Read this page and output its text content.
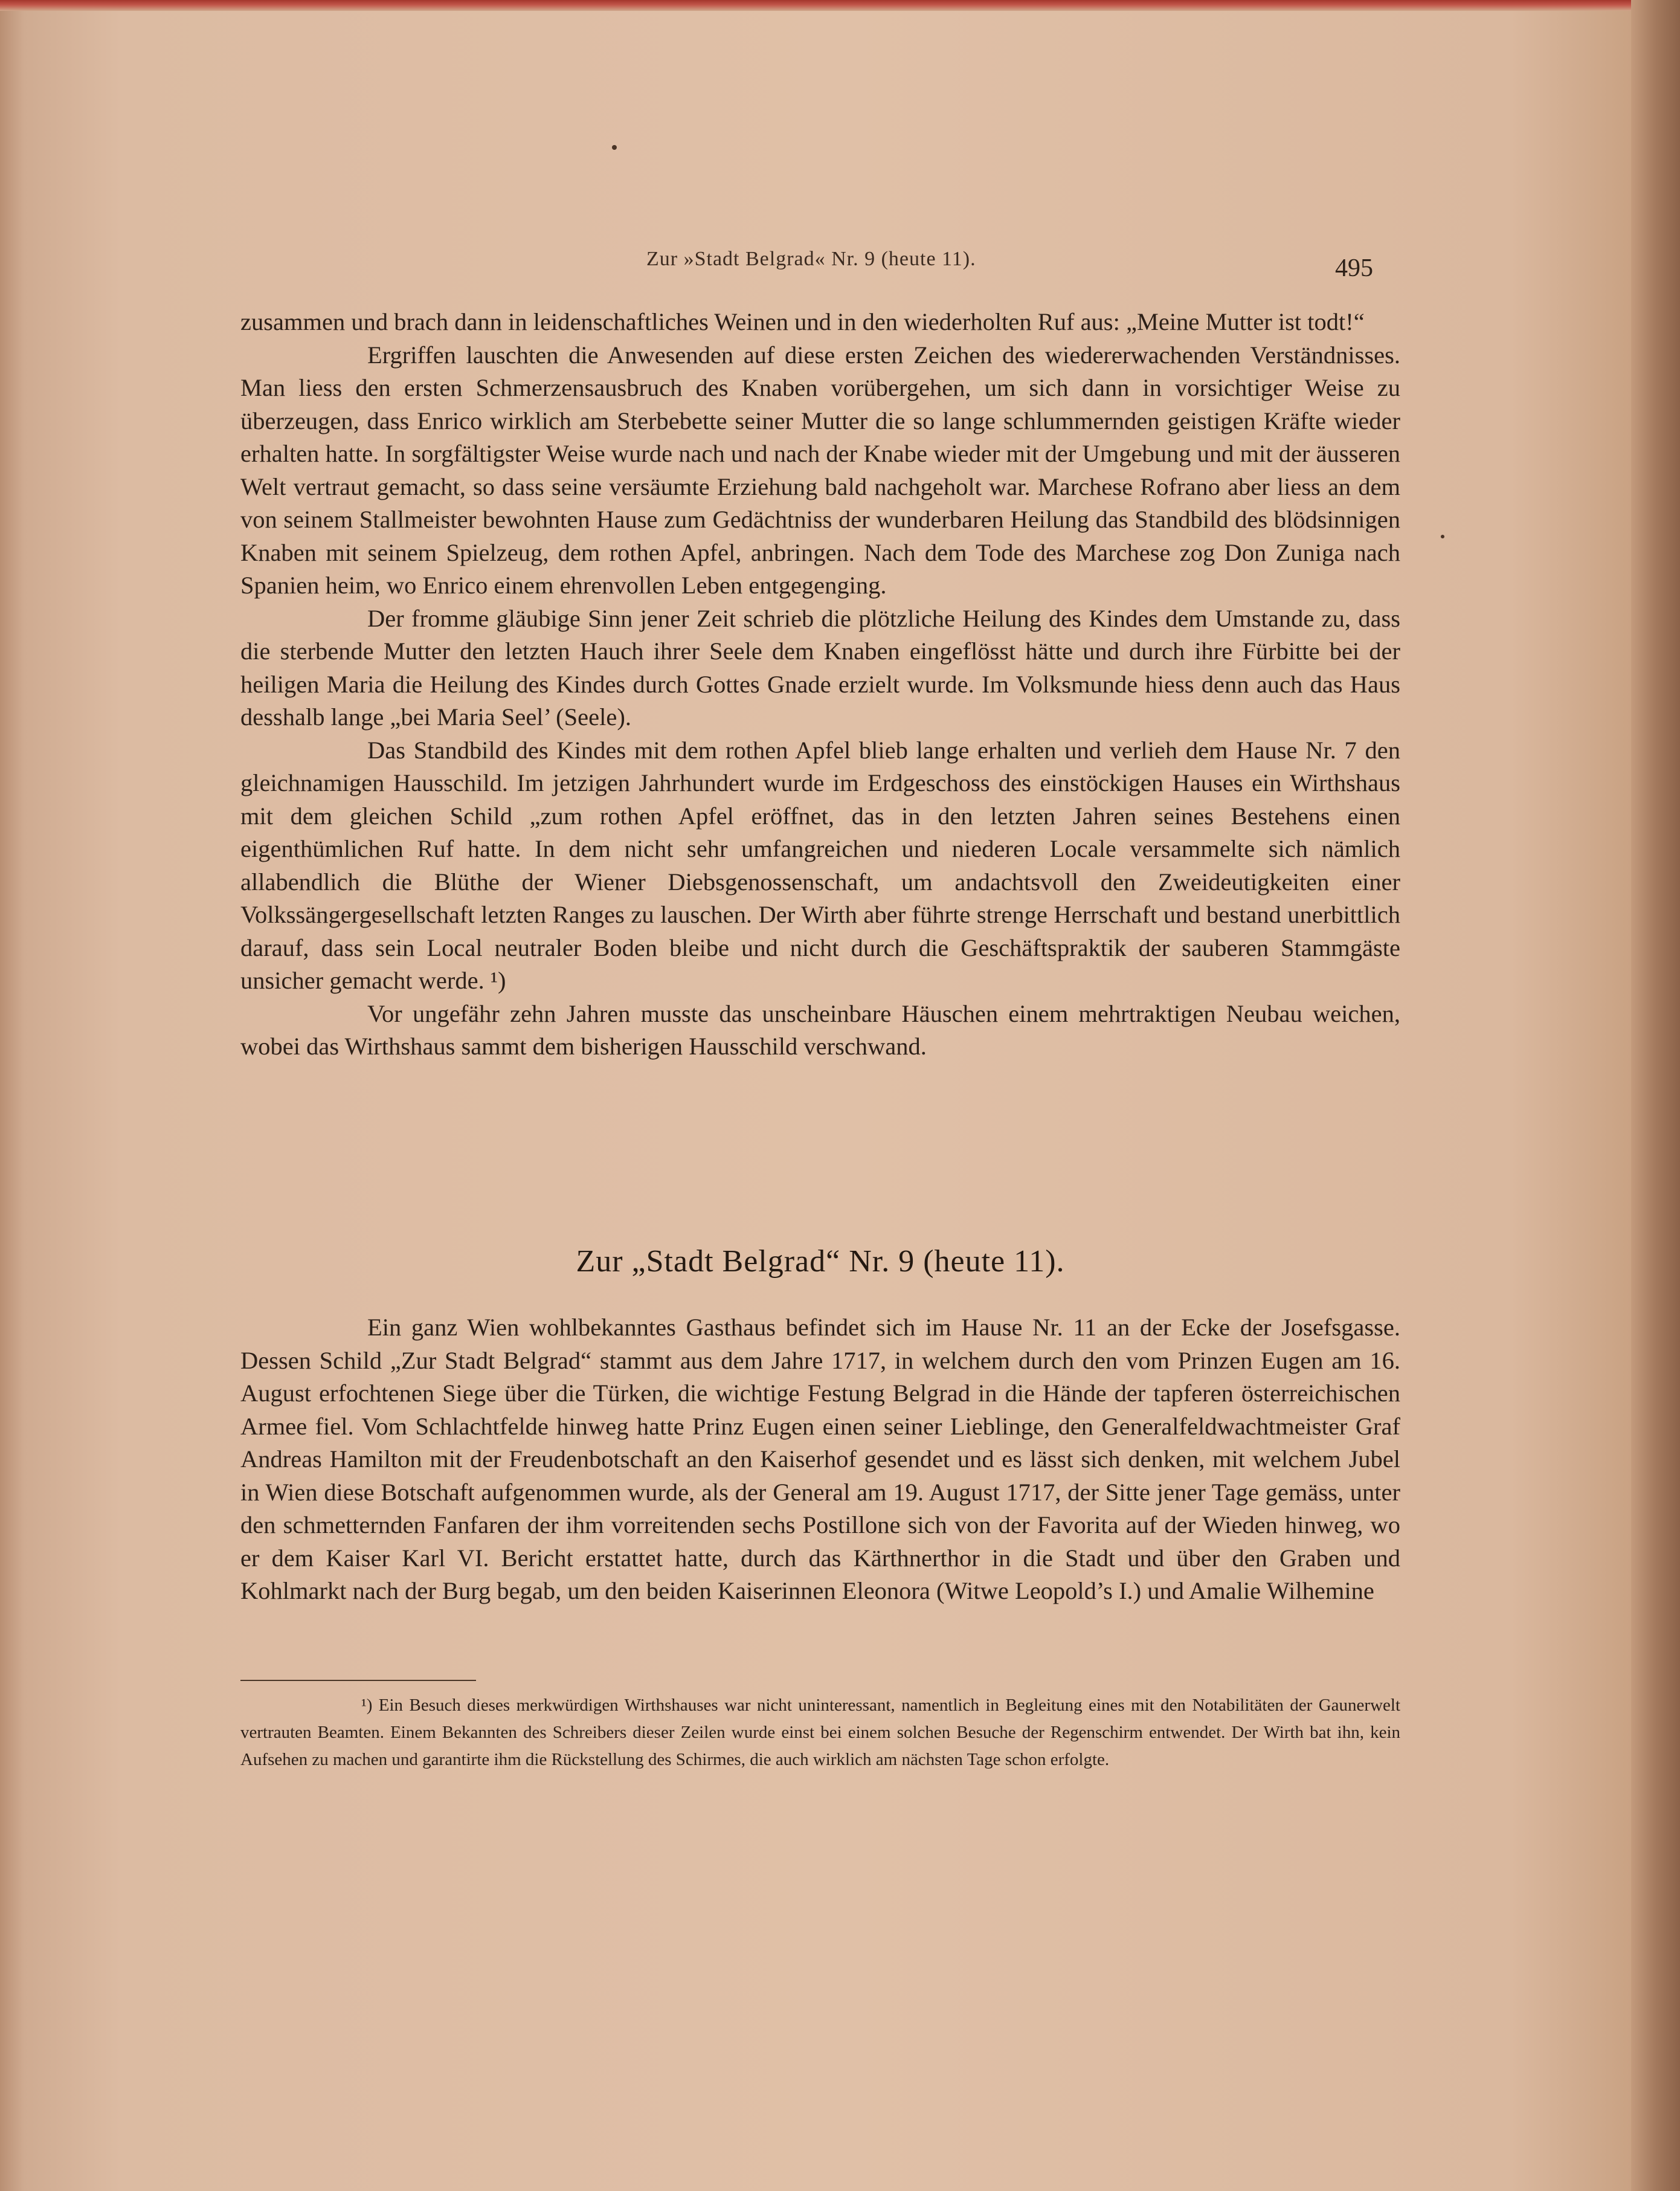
Zur »Stadt Belgrad« Nr. 9 (heute 11).	495

zusammen und brach dann in leidenschaftliches Weinen und in den wiederholten Ruf aus: „Meine Mutter ist todt!“

Ergriffen lauschten die Anwesenden auf diese ersten Zeichen des wiedererwachenden Verständnisses. Man liess den ersten Schmerzensausbruch des Knaben vorübergehen, um sich dann in vorsichtiger Weise zu überzeugen, dass Enrico wirklich am Sterbebette seiner Mutter die so lange schlummernden geistigen Kräfte wieder erhalten hatte. In sorgfältigster Weise wurde nach und nach der Knabe wieder mit der Umgebung und mit der äusseren Welt vertraut gemacht, so dass seine versäumte Erziehung bald nachgeholt war. Marchese Rofrano aber liess an dem von seinem Stallmeister bewohnten Hause zum Gedächtniss der wunderbaren Heilung das Standbild des blödsinnigen Knaben mit seinem Spielzeug, dem rothen Apfel, anbringen. Nach dem Tode des Marchese zog Don Zuniga nach Spanien heim, wo Enrico einem ehrenvollen Leben entgegenging.

Der fromme gläubige Sinn jener Zeit schrieb die plötzliche Heilung des Kindes dem Umstande zu, dass die sterbende Mutter den letzten Hauch ihrer Seele dem Knaben eingeflösst hätte und durch ihre Fürbitte bei der heiligen Maria die Heilung des Kindes durch Gottes Gnade erzielt wurde. Im Volksmunde hiess denn auch das Haus desshalb lange „bei Maria Seel’ (Seele).

Das Standbild des Kindes mit dem rothen Apfel blieb lange erhalten und verlieh dem Hause Nr. 7 den gleichnamigen Hausschild. Im jetzigen Jahrhundert wurde im Erdgeschoss des einstöckigen Hauses ein Wirthshaus mit dem gleichen Schild „zum rothen Apfel eröffnet, das in den letzten Jahren seines Bestehens einen eigenthümlichen Ruf hatte. In dem nicht sehr umfangreichen und niederen Locale versammelte sich nämlich allabendlich die Blüthe der Wiener Diebsgenossenschaft, um andachtsvoll den Zweideutigkeiten einer Volkssängergesellschaft letzten Ranges zu lauschen. Der Wirth aber führte strenge Herrschaft und bestand unerbittlich darauf, dass sein Local neutraler Boden bleibe und nicht durch die Geschäftspraktik der sauberen Stammgäste unsicher gemacht werde. ¹)

Vor ungefähr zehn Jahren musste das unscheinbare Häuschen einem mehrtraktigen Neubau weichen, wobei das Wirthshaus sammt dem bisherigen Hausschild verschwand.

Zur „Stadt Belgrad“ Nr. 9 (heute 11).

Ein ganz Wien wohlbekanntes Gasthaus befindet sich im Hause Nr. 11 an der Ecke der Josefsgasse. Dessen Schild „Zur Stadt Belgrad“ stammt aus dem Jahre 1717, in welchem durch den vom Prinzen Eugen am 16. August erfochtenen Siege über die Türken, die wichtige Festung Belgrad in die Hände der tapferen österreichischen Armee fiel. Vom Schlachtfelde hinweg hatte Prinz Eugen einen seiner Lieblinge, den Generalfeldwachtmeister Graf Andreas Hamilton mit der Freudenbotschaft an den Kaiserhof gesendet und es lässt sich denken, mit welchem Jubel in Wien diese Botschaft aufgenommen wurde, als der General am 19. August 1717, der Sitte jener Tage gemäss, unter den schmetternden Fanfaren der ihm vorreitenden sechs Postillone sich von der Favorita auf der Wieden hinweg, wo er dem Kaiser Karl VI. Bericht erstattet hatte, durch das Kärthnerthor in die Stadt und über den Graben und Kohlmarkt nach der Burg begab, um den beiden Kaiserinnen Eleonora (Witwe Leopold’s I.) und Amalie Wilhemine

¹) Ein Besuch dieses merkwürdigen Wirthshauses war nicht uninteressant, namentlich in Begleitung eines mit den Notabilitäten der Gaunerwelt vertrauten Beamten. Einem Bekannten des Schreibers dieser Zeilen wurde einst bei einem solchen Besuche der Regenschirm entwendet. Der Wirth bat ihn, kein Aufsehen zu machen und garantirte ihm die Rückstellung des Schirmes, die auch wirklich am nächsten Tage schon erfolgte.
